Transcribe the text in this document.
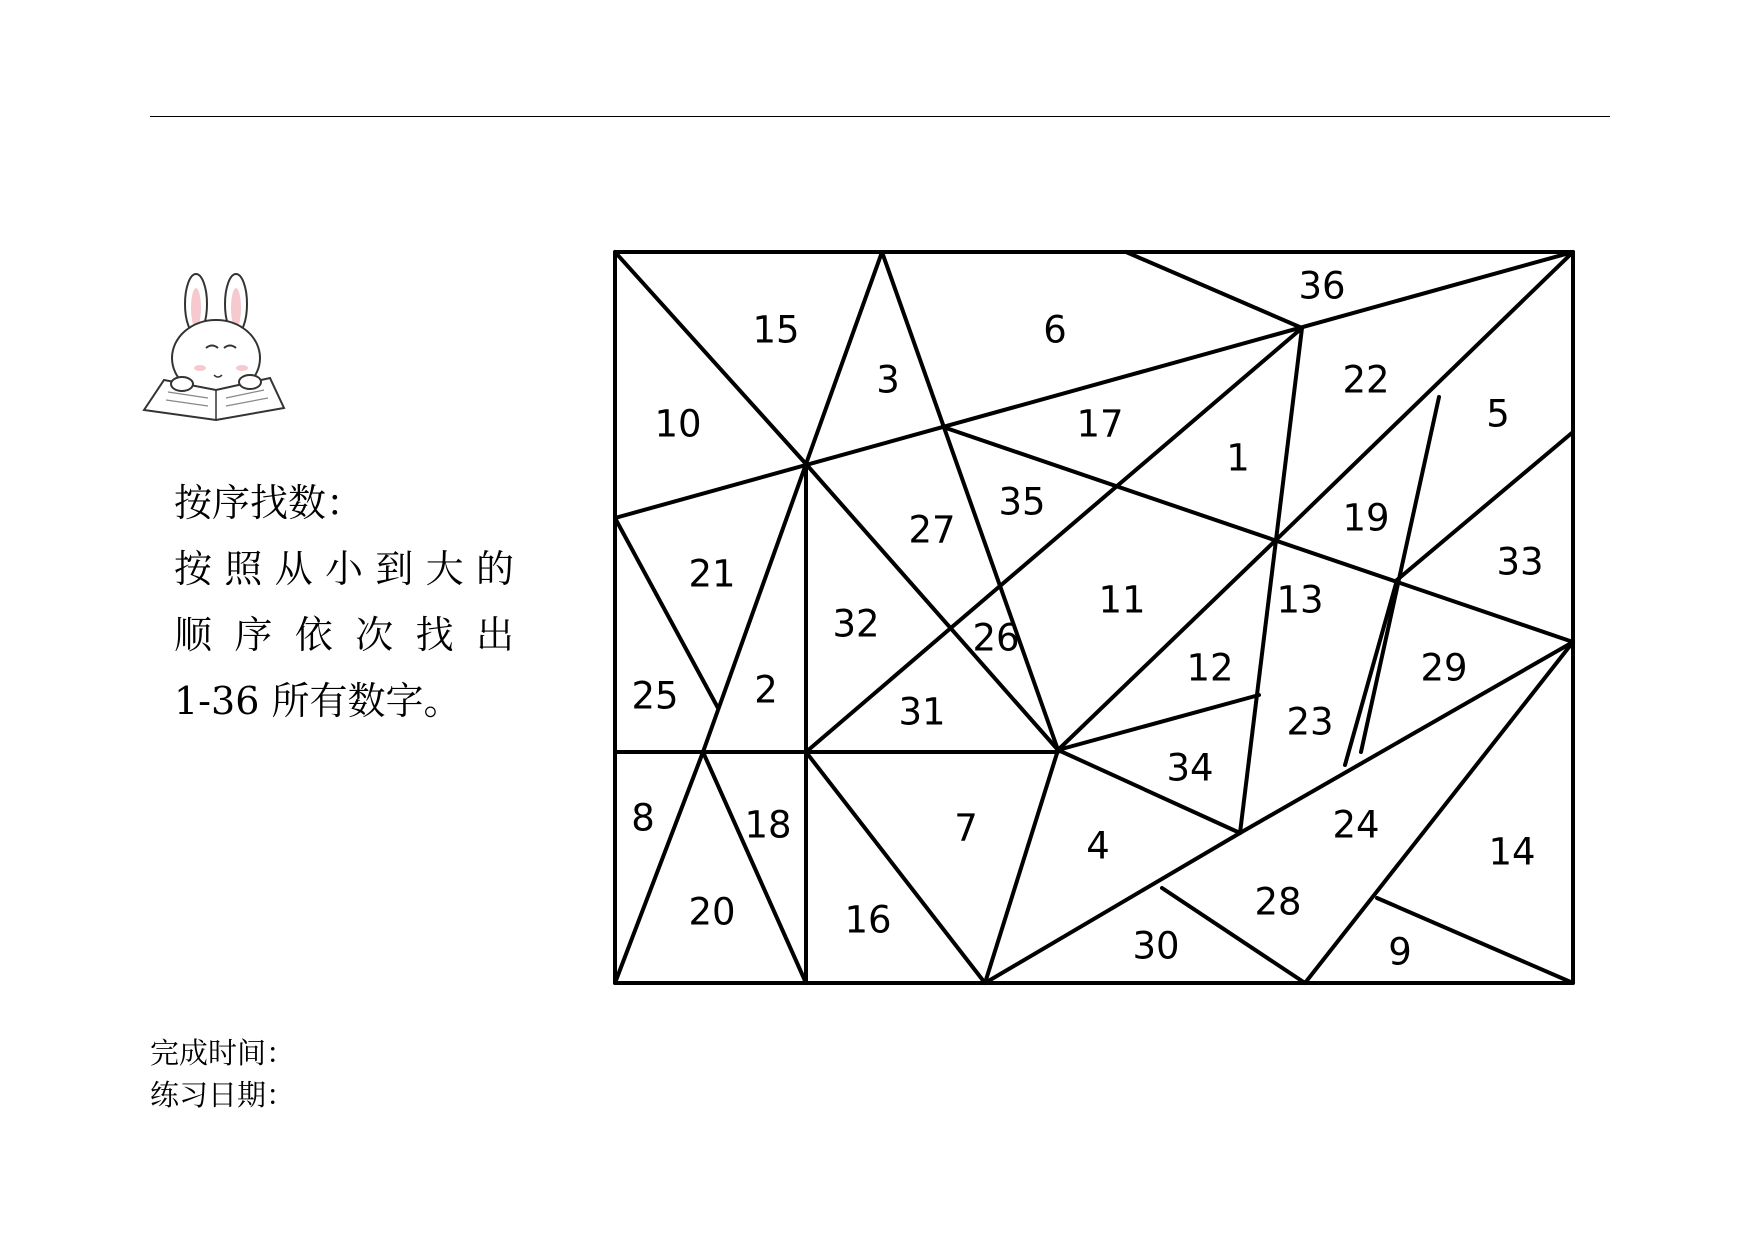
按序找数：
按照从小到大的
顺序依次找出
1-36 所有数字。
15
3
6
36
10
22
5
17
1
35
27	19
33
21
11	13
32	26
29
25 2
12
31	23
34
8 18	7	24
4	14
28
20	16
30	9
完成时间：
练习日期：
